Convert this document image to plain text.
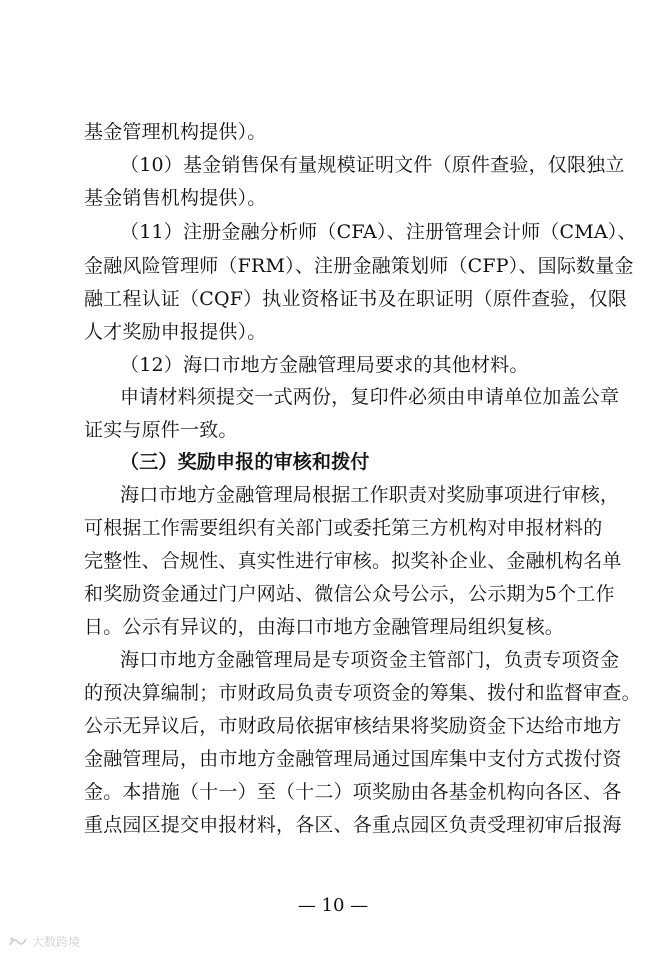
基金管理机构提供）。
（10）基金销售保有量规模证明文件（原件查验，仅限独立
基金销售机构提供）。
（11）注册金融分析师（CFA）、注册管理会计师（CMA）、
金融风险管理师（FRM）、注册金融策划师（CFP）、国际数量金
融工程认证（CQF）执业资格证书及在职证明（原件查验，仅限
人才奖励申报提供）。
（12）海口市地方金融管理局要求的其他材料。
申请材料须提交一式两份，复印件必须由申请单位加盖公章
证实与原件一致。
（三）奖励申报的审核和拨付
海口市地方金融管理局根据工作职责对奖励事项进行审核，
可根据工作需要组织有关部门或委托第三方机构对申报材料的
完整性、合规性、真实性进行审核。拟奖补企业、金融机构名单
和奖励资金通过门户网站、微信公众号公示，公示期为5个工作
日。公示有异议的，由海口市地方金融管理局组织复核。
海口市地方金融管理局是专项资金主管部门，负责专项资金
的预决算编制；市财政局负责专项资金的筹集、拨付和监督审查。
公示无异议后，市财政局依据审核结果将奖励资金下达给市地方
金融管理局，由市地方金融管理局通过国库集中支付方式拨付资
金。本措施（十一）至（十二）项奖励由各基金机构向各区、各
重点园区提交申报材料，各区、各重点园区负责受理初审后报海
— 10 —
大数跨境
